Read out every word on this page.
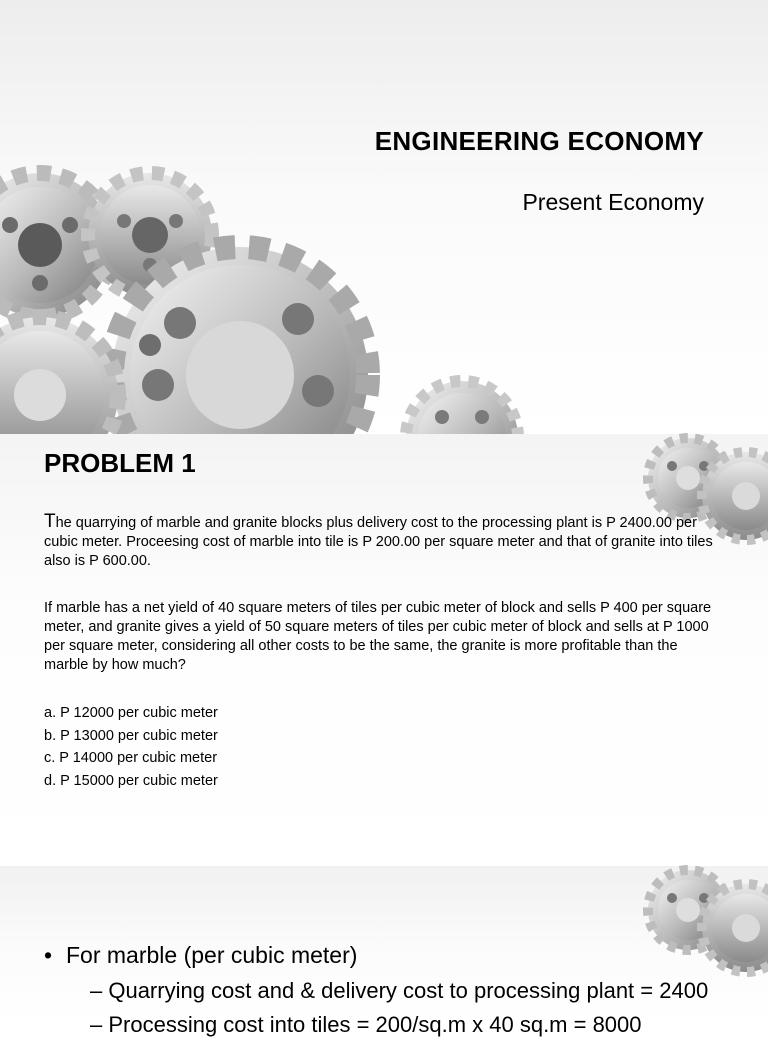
ENGINEERING ECONOMY
Present Economy
PROBLEM 1

The quarrying of marble and granite blocks plus delivery cost to the processing plant is P 2400.00 per cubic meter. Proceesing cost of marble into tile is P 200.00 per square meter and that of granite into tiles also is P 600.00.

If marble has a net yield of 40 square meters of tiles per cubic meter of block and sells P 400 per square meter, and granite gives a yield of 50 square meters of tiles per cubic meter of block and sells at P 1000 per square meter, considering all other costs to be the same, the granite is more profitable than the marble by how much?

a. P 12000 per cubic meter
b. P 13000 per cubic meter
c. P 14000 per cubic meter
d. P 15000 per cubic meter
• For marble (per cubic meter)
– Quarrying cost and & delivery cost to processing plant = 2400
– Processing cost into tiles = 200/sq.m x 40 sq.m = 8000
